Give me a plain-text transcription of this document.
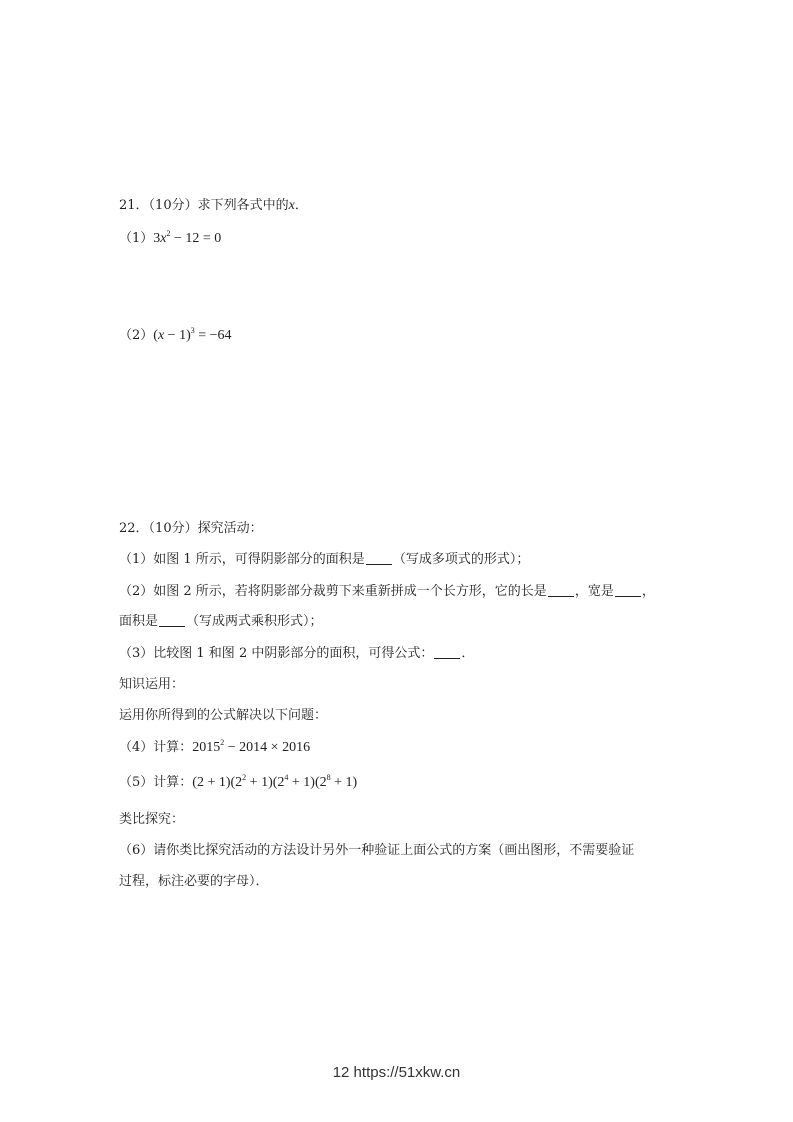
21．（10分）求下列各式中的x．
$(1)3x^2 - 12 = 0$
$(2)(x - 1)^3 = -64$
22．（10分）探究活动：
（1）如图 1 所示，可得阴影部分的面积是 （写成多项式的形式）；
（2）如图 2 所示，若将阴影部分裁剪下来重新拼成一个长方形，它的长是 ，宽是 ，
面积是 （写成两式乘积形式）；
（3）比较图 1 和图 2 中阴影部分的面积，可得公式： ．
知识运用：
运用你所得到的公式解决以下问题：
（4）计算：$2015^2 - 2014 \times 2016$
（5）计算：$(2 + 1)(2^2 + 1)(2^4 + 1)(2^8 + 1)$
类比探究：
（6）请你类比探究活动的方法设计另外一种验证上面公式的方案（画出图形，不需要验证
过程，标注必要的字母）．
12 https://51xkw.cn
